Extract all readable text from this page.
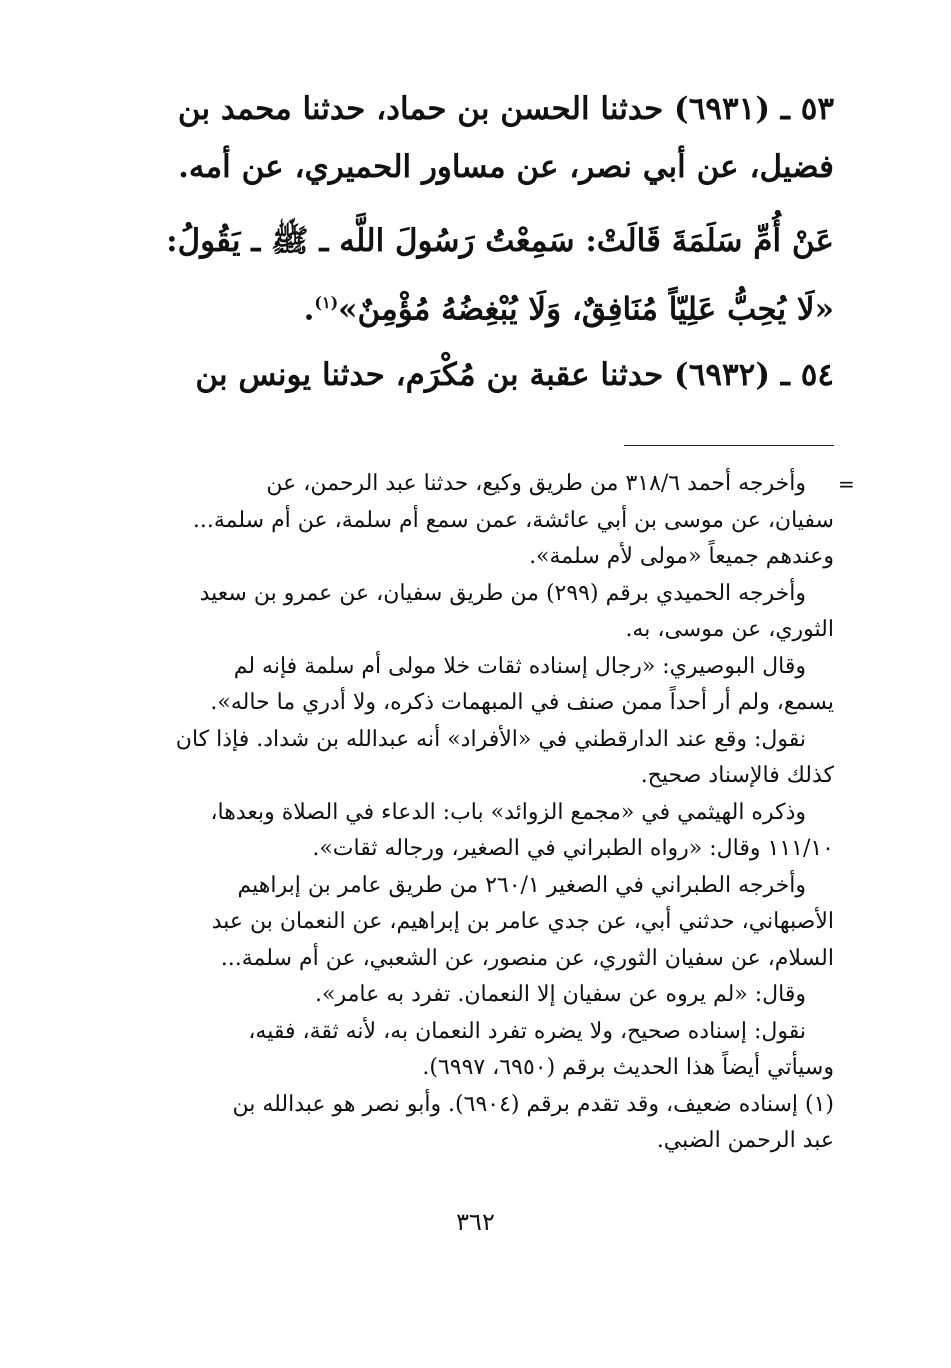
٥٣ ـ (٦٩٣١) حدثنا الحسن بن حماد، حدثنا محمد بن
فضيل، عن أبي نصر، عن مساور الحميري، عن أمه.
عَنْ أُمِّ سَلَمَةَ قَالَتْ: سَمِعْتُ رَسُولَ اللَّه ـ ﷺ ـ يَقُولُ:
«لَا يُحِبُّ عَلِيّاً مُنَافِقٌ، وَلَا يُبْغِضُهُ مُؤْمِنٌ»$^{(١)}$.
٥٤ ـ (٦٩٣٢) حدثنا عقبة بن مُكْرَم، حدثنا يونس بن
=
وأخرجه أحمد ٣١٨/٦ من طريق وكيع، حدثنا عبد الرحمن، عن
سفيان، عن موسى بن أبي عائشة، عمن سمع أم سلمة، عن أم سلمة...
وعندهم جميعاً «مولى لأم سلمة».
وأخرجه الحميدي برقم (٢٩٩) من طريق سفيان، عن عمرو بن سعيد
الثوري، عن موسى، به.
وقال البوصيري: «رجال إسناده ثقات خلا مولى أم سلمة فإنه لم
يسمع، ولم أر أحداً ممن صنف في المبهمات ذكره، ولا أدري ما حاله».
نقول: وقع عند الدارقطني في «الأفراد» أنه عبدالله بن شداد. فإذا كان
كذلك فالإسناد صحيح.
وذكره الهيثمي في «مجمع الزوائد» باب: الدعاء في الصلاة وبعدها،
١١١/١٠ وقال: «رواه الطبراني في الصغير، ورجاله ثقات».
وأخرجه الطبراني في الصغير ٢٦٠/١ من طريق عامر بن إبراهيم
الأصبهاني، حدثني أبي، عن جدي عامر بن إبراهيم، عن النعمان بن عبد
السلام، عن سفيان الثوري، عن منصور، عن الشعبي، عن أم سلمة...
وقال: «لم يروه عن سفيان إلا النعمان. تفرد به عامر».
نقول: إسناده صحيح، ولا يضره تفرد النعمان به، لأنه ثقة، فقيه،
وسيأتي أيضاً هذا الحديث برقم (٦٩٥٠، ٦٩٩٧).
(١) إسناده ضعيف، وقد تقدم برقم (٦٩٠٤). وأبو نصر هو عبدالله بن
عبد الرحمن الضبي.
٣٦٢
